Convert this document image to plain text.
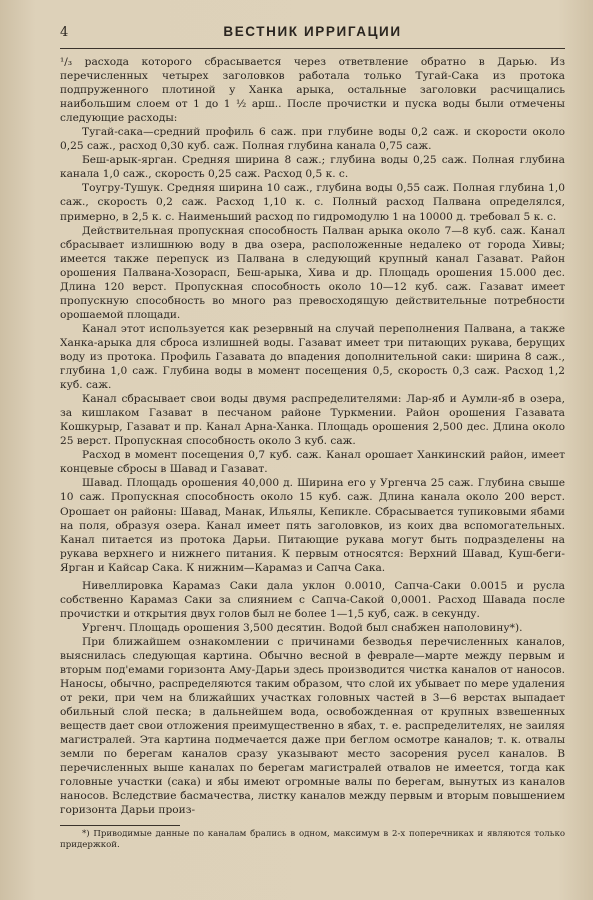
4	ВЕСТНИК ИРРИГАЦИИ

¹/₃ расхода которого сбрасывается через ответвление обратно в Дарью. Из перечисленных четырех заголовков работала только Тугай-Сака из протока подпруженного плотиной у Ханка арыка, остальные заголовки расчищались наибольшим слоем от 1 до 1 ½ арш.. После прочистки и пуска воды были отмечены следующие расходы:

Тугай-сака—средний профиль 6 саж. при глубине воды 0,2 саж. и скорости около 0,25 саж., расход 0,30 куб. саж. Полная глубина канала 0,75 саж.

Беш-арык-ярган. Средняя ширина 8 саж.; глубина воды 0,25 саж. Полная глубина канала 1,0 саж., скорость 0,25 саж. Расход 0,5 к. с.

Тоугру-Тушук. Средняя ширина 10 саж., глубина воды 0,55 саж. Полная глубина 1,0 саж., скорость 0,2 саж. Расход 1,10 к. с. Полный расход Палвана определялся, примерно, в 2,5 к. с. Наименьший расход по гидромодулю 1 на 10000 д. требовал 5 к. с.

Действительная пропускная способность Палван арыка около 7—8 куб. саж. Канал сбрасывает излишнюю воду в два озера, расположенные недалеко от города Хивы; имеется также перепуск из Палвана в следующий крупный канал Газават. Район орошения Палвана-Хозорасп, Беш-арыка, Хива и др. Площадь орошения 15.000 дес. Длина 120 верст. Пропускная способность около 10—12 куб. саж. Газават имеет пропускную способность во много раз превосходящую действительные потребности орошаемой площади.

Канал этот используется как резервный на случай переполнения Палвана, а также Ханка-арыка для сброса излишней воды. Газават имеет три питающих рукава, берущих воду из протока. Профиль Газавата до впадения дополнительной саки: ширина 8 саж., глубина 1,0 саж. Глубина воды в момент посещения 0,5, скорость 0,3 саж. Расход 1,2 куб. саж.

Канал сбрасывает свои воды двумя распределителями: Лар-яб и Аумли-яб в озера, за кишлаком Газават в песчаном районе Туркмении. Район орошения Газавата Кошкурыр, Газават и пр. Канал Арна-Ханка. Площадь орошения 2,500 дес. Длина около 25 верст. Пропускная способность около 3 куб. саж.

Расход в момент посещения 0,7 куб. саж. Канал орошает Ханкинский район, имеет концевые сбросы в Шавад и Газават.

Шавад. Площадь орошения 40,000 д. Ширина его у Ургенча 25 саж. Глубина свыше 10 саж. Пропускная способность около 15 куб. саж. Длина канала около 200 верст. Орошает он районы: Шавад, Манак, Ильялы, Кепикле. Сбрасывается тупиковыми ябами на поля, образуя озера. Канал имеет пять заголовков, из коих два вспомогательных. Канал питается из протока Дарьи. Питающие рукава могут быть подразделены на рукава верхнего и нижнего питания. К первым относятся: Верхний Шавад, Куш-беги-Ярган и Кайсар Сака. К нижним—Карамаз и Сапча Сака.

Нивеллировка Карамаз Саки дала уклон 0.0010, Сапча-Саки 0.0015 и русла собственно Карамаз Саки за слиянием с Сапча-Сакой 0,0001. Расход Шавада после прочистки и открытия двух голов был не более 1—1,5 куб, саж. в секунду.

Ургенч. Площадь орошения 3,500 десятин. Водой был снабжен наполовину*).

При ближайшем ознакомлении с причинами безводья перечисленных каналов, выяснилась следующая картина. Обычно весной в феврале—марте между первым и вторым под'емами горизонта Аму-Дарьи здесь производится чистка каналов от наносов. Наносы, обычно, распределяются таким образом, что слой их убывает по мере удаления от реки, при чем на ближайших участках головных частей в 3—6 верстах выпадает обильный слой песка; в дальнейшем вода, освобожденная от крупных взвешенных веществ дает свои отложения преимущественно в ябах, т. е. распределителях, не заиляя магистралей. Эта картина подмечается даже при беглом осмотре каналов; т. к. отвалы земли по берегам каналов сразу указывают место засорения русел каналов. В перечисленных выше каналах по берегам магистралей отвалов не имеется, тогда как головные участки (сака) и ябы имеют огромные валы по берегам, вынутых из каналов наносов. Вследствие басмачества, листку каналов между первым и вторым повышением горизонта Дарьи произ-

*) Приводимые данные по каналам брались в одном, максимум в 2-х поперечниках и являются только придержкой.
